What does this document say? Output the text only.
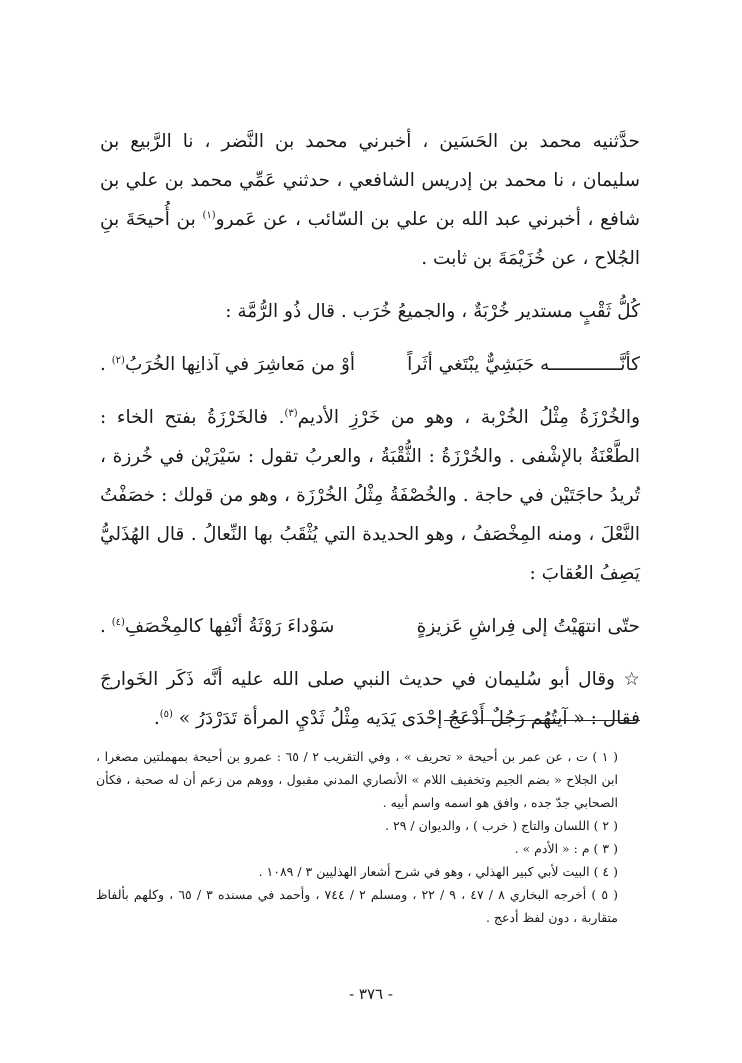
حدَّثنيه محمد بن الحَسَين ، أخبرني محمد بن النَّضر ، نا الرَّبيع بن سليمان ، نا محمد بن إدريس الشافعي ، حدثني عَمِّي محمد بن علي بن شافع ، أخبرني عبد الله بن علي بن السّائب ، عن عَمرو$^{(١)}$ بن أُحيحَةَ بنِ الجُلاح ، عن خُزَيْمَةَ بن ثابت .

كُلُّ ثَقْبٍ مستدير خُرْبَةٌ ، والجميعُ خُرَب . قال ذُو الرُّمَّة :

كأنَّـــــــــــــه حَبَشِيٌّ يبْتَغي أثَراً
أوْ من مَعاشِرَ في آذانِها الخُرَبُ$^{(٢)}$ .

والخُرْزَةُ مِثْلُ الخُرْبة ، وهو من خَرْزِ الأديم$^{(٣)}$. فالخَرْزَةُ بفتح الخاء : الطَّعْنَةُ بالإشْفى . والخُرْزَةُ : الثُّقْبَةُ ، والعربُ تقول : سَيْرَيْن في خُرزة ، تُريدُ حاجَتَيْن في حاجة . والخُصْفَةُ مِثْلُ الخُرْزَة ، وهو من قولك : خصَفْتُ النَّعْلَ ، ومنه المِخْصَفُ ، وهو الحديدة التي يُثْقَبُ بها النِّعالُ . قال الهُذَليُّ يَصِفُ العُقابَ :

حتّى انتهَيْتُ إلى فِراشِ عَزيزةٍ
سَوْداءَ رَوْثَةُ أنْفِها كالمِخْصَفِ$^{(٤)}$ .

☆ وقال أبو سُليمان في حديث النبي صلى الله عليه أنَّه ذَكَر الخَوارجَ فقال : « آيتُهُم رَجُلٌ أَدْعَجُ إحْدَى يَدَيه مِثْلُ ثَدْيِ المرأة تَدَرْدَرُ » $^{(٥)}$.

( ١ ) ت ، عن عمر بن أحيحة « تحريف » ، وفي التقريب ٢ / ٦٥ : عمرو بن أحيحة بمهملتين مصغرا ، ابن الجلاح « بضم الجيم وتخفيف اللام » الأنصاري المدني مقبول ، ووهم من زعم أن له صحبة ، فكأن الصحابي جدّ جده ، وافق هو اسمه واسم أبيه .

( ٢ ) اللسان والتاج ( خرب ) ، والديوان / ٢٩ .

( ٣ ) م : « الأدم » .

( ٤ ) البيت لأبي كبير الهذلي ، وهو في شرح أشعار الهذليين ٣ / ١٠٨٩ .

( ٥ ) أخرجه البخاري ٨ / ٤٧ ، ٩ / ٢٢ ، ومسلم ٢ / ٧٤٤ ، وأحمد في مسنده ٣ / ٦٥ ، وكلهم بألفاظ متقاربة ، دون لفظ أدعج .

- ٣٧٦ -
